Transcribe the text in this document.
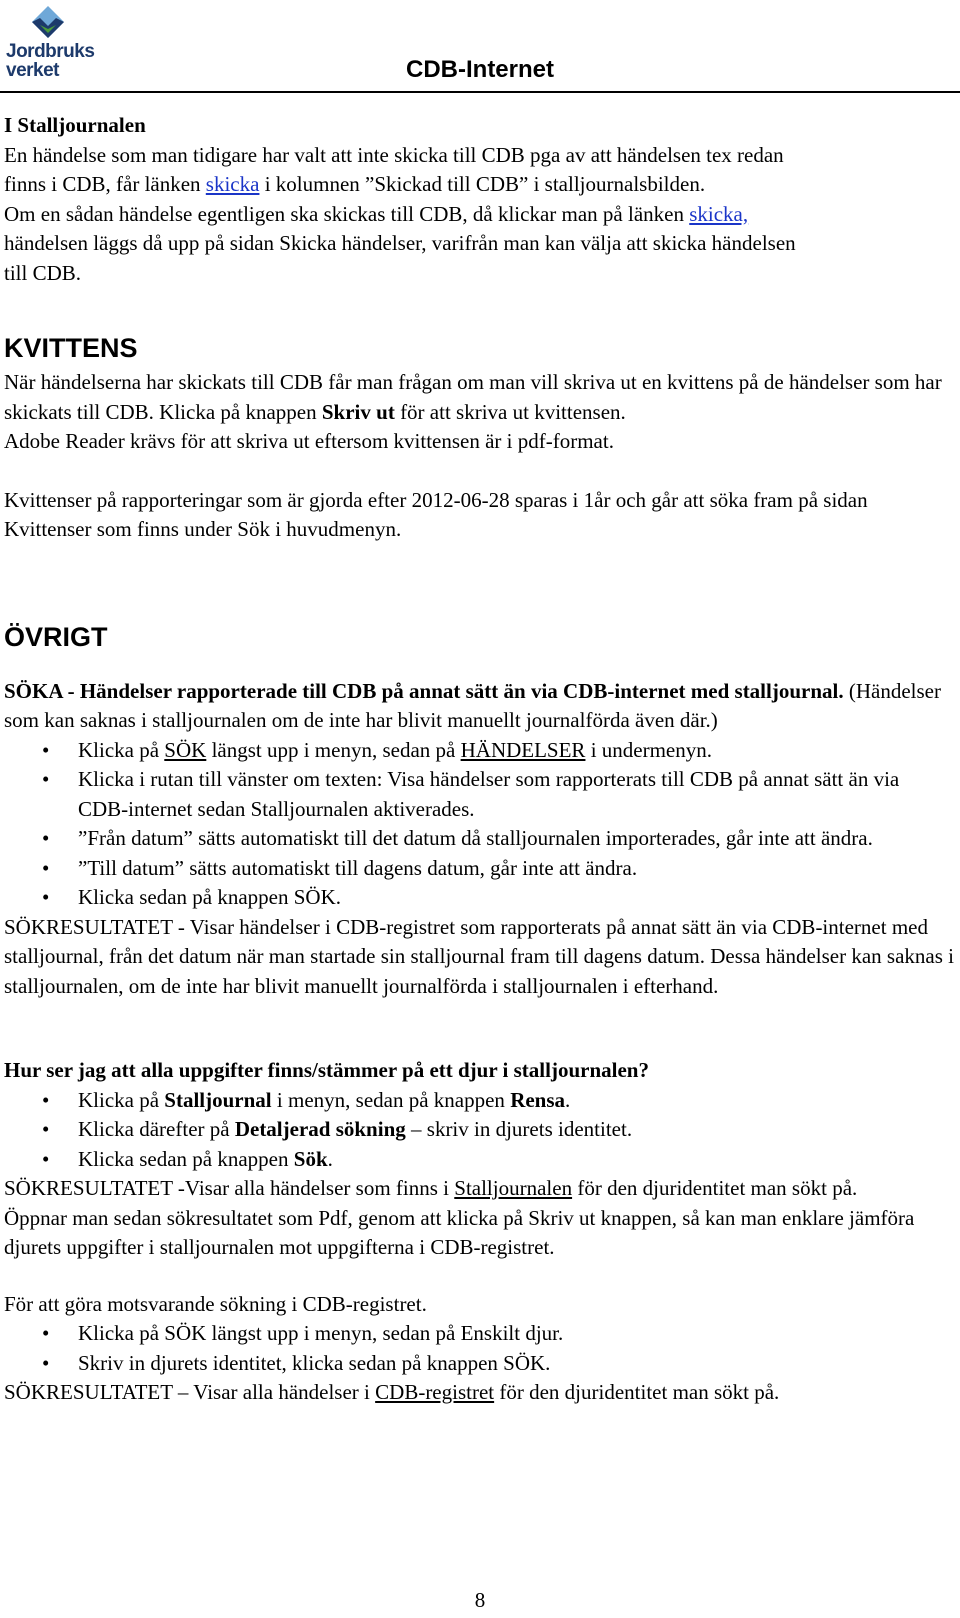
Jordbruks
verket	CDB-Internet

I Stalljournalen

En händelse som man tidigare har valt att inte skicka till CDB pga av att händelsen tex redan

finns i CDB, får länken skicka i kolumnen ”Skickad till CDB” i stalljournalsbilden.

Om en sådan händelse egentligen ska skickas till CDB, då klickar man på länken skicka,

händelsen läggs då upp på sidan Skicka händelser, varifrån man kan välja att skicka händelsen

till CDB.

KVITTENS

När händelserna har skickats till CDB får man frågan om man vill skriva ut en kvittens på de händelser som har skickats till CDB. Klicka på knappen Skriv ut för att skriva ut kvittensen.

Adobe Reader krävs för att skriva ut eftersom kvittensen är i pdf-format.

Kvittenser på rapporteringar som är gjorda efter 2012-06-28 sparas i 1år och går att söka fram på sidan Kvittenser som finns under Sök i huvudmenyn.

ÖVRIGT

SÖKA - Händelser rapporterade till CDB på annat sätt än via CDB-internet med stalljournal. (Händelser som kan saknas i stalljournalen om de inte har blivit manuellt journalförda även där.)

• Klicka på SÖK längst upp i menyn, sedan på HÄNDELSER i undermenyn.
• Klicka i rutan till vänster om texten: Visa händelser som rapporterats till CDB på annat sätt än via CDB-internet sedan Stalljournalen aktiverades.
• ”Från datum” sätts automatiskt till det datum då stalljournalen importerades, går inte att ändra.
• ”Till datum” sätts automatiskt till dagens datum, går inte att ändra.
• Klicka sedan på knappen SÖK.

SÖKRESULTATET - Visar händelser i CDB-registret som rapporterats på annat sätt än via CDB-internet med stalljournal, från det datum när man startade sin stalljournal fram till dagens datum. Dessa händelser kan saknas i stalljournalen, om de inte har blivit manuellt journalförda i stalljournalen i efterhand.

Hur ser jag att alla uppgifter finns/stämmer på ett djur i stalljournalen?

• Klicka på Stalljournal i menyn, sedan på knappen Rensa.
• Klicka därefter på Detaljerad sökning – skriv in djurets identitet.
• Klicka sedan på knappen Sök.

SÖKRESULTATET -Visar alla händelser som finns i Stalljournalen för den djuridentitet man sökt på.

Öppnar man sedan sökresultatet som Pdf, genom att klicka på Skriv ut knappen, så kan man enklare jämföra djurets uppgifter i stalljournalen mot uppgifterna i CDB-registret.

För att göra motsvarande sökning i CDB-registret.

• Klicka på SÖK längst upp i menyn, sedan på Enskilt djur.
• Skriv in djurets identitet, klicka sedan på knappen SÖK.

SÖKRESULTATET – Visar alla händelser i CDB-registret för den djuridentitet man sökt på.

8
